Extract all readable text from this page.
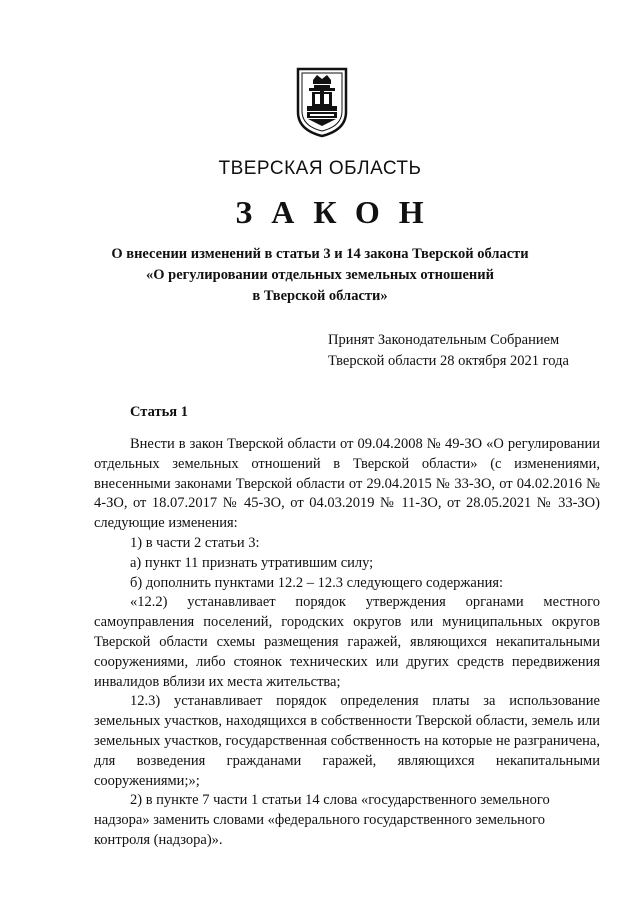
ТВЕРСКАЯ ОБЛАСТЬ
ЗАКОН
О внесении изменений в статьи 3 и 14 закона Тверской области
«О регулировании отдельных земельных отношений
в Тверской области»
Принят Законодательным Собранием
Тверской области 28 октября 2021 года
Статья 1

Внести в закон Тверской области от 09.04.2008 № 49-ЗО «О регулировании отдельных земельных отношений в Тверской области» (с изменениями, внесенными законами Тверской области от 29.04.2015 № 33-ЗО, от 04.02.2016 № 4-ЗО, от 18.07.2017 № 45-ЗО, от 04.03.2019 № 11-ЗО, от 28.05.2021 № 33-ЗО) следующие изменения:

1) в части 2 статьи 3:

а) пункт 11 признать утратившим силу;

б) дополнить пунктами 12.2 – 12.3 следующего содержания:

«12.2) устанавливает порядок утверждения органами местного самоуправления поселений, городских округов или муниципальных округов Тверской области схемы размещения гаражей, являющихся некапитальными сооружениями, либо стоянок технических или других средств передвижения инвалидов вблизи их места жительства;

12.3) устанавливает порядок определения платы за использование земельных участков, находящихся в собственности Тверской области, земель или земельных участков, государственная собственность на которые не разграничена, для возведения гражданами гаражей, являющихся некапитальными сооружениями;»;

2) в пункте 7 части 1 статьи 14 слова «государственного земельного надзора» заменить словами «федерального государственного земельного контроля (надзора)».
